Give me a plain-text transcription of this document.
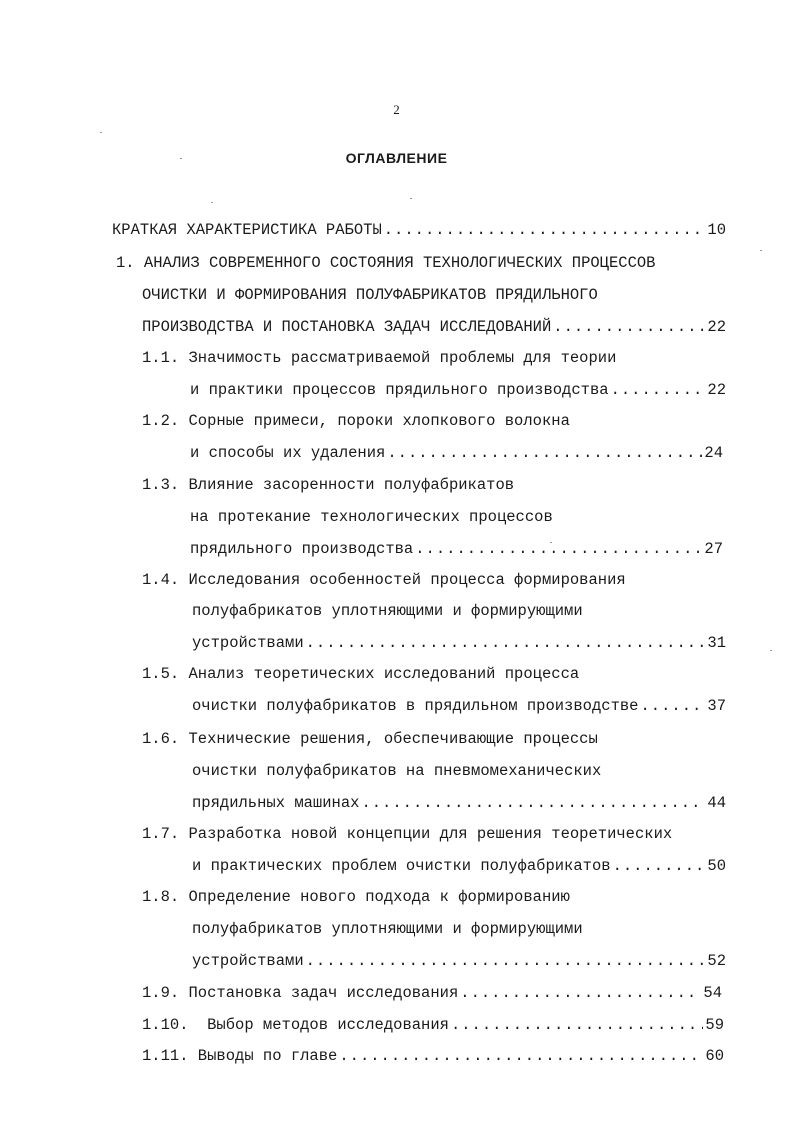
2
ОГЛАВЛЕНИЕ
КРАТКАЯ ХАРАКТЕРИСТИКА РАБОТЫ .....	10
1. АНАЛИЗ СОВРЕМЕННОГО СОСТОЯНИЯ ТЕХНОЛОГИЧЕСКИХ ПРОЦЕССОВ
ОЧИСТКИ И ФОРМИРОВАНИЯ ПОЛУФАБРИКАТОВ ПРЯДИЛЬНОГО
ПРОИЗВОДСТВА И ПОСТАНОВКА ЗАДАЧ ИССЛЕДОВАНИЙ .....	22
1.1. Значимость рассматриваемой проблемы для теории
и практики процессов прядильного производства .....	22
1.2. Сорные примеси, пороки хлопкового волокна
и способы их удаления .....	24
1.3. Влияние засоренности полуфабрикатов
на протекание технологических процессов
прядильного производства .....	27
1.4. Исследования особенностей процесса формирования
полуфабрикатов уплотняющими и формирующими
устройствами .....	31
1.5. Анализ теоретических исследований процесса
очистки полуфабрикатов в прядильном производстве .....	37
1.6. Технические решения, обеспечивающие процессы
очистки полуфабрикатов на пневмомеханических
прядильных машинах .....	44
1.7. Разработка новой концепции для решения теоретических
и практических проблем очистки полуфабрикатов .....	50
1.8. Определение нового подхода к формированию
полуфабрикатов уплотняющими и формирующими
устройствами .....	52
1.9. Постановка задач исследования .....	54
1.10.  Выбор методов исследования .....	59
1.11. Выводы по главе .....	60
